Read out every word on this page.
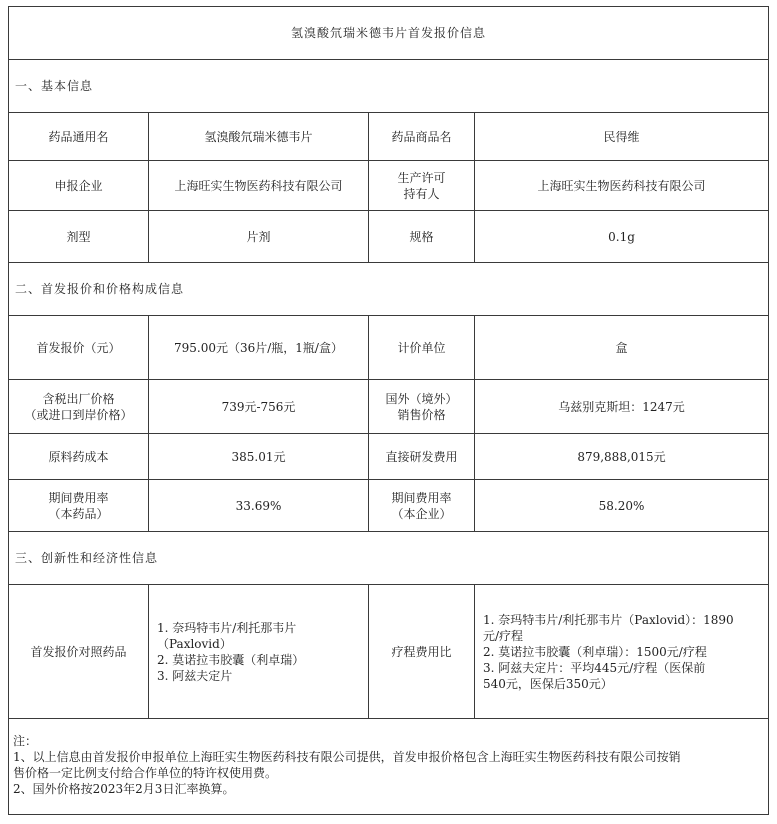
氢溴酸氘瑞米德韦片首发报价信息			
一、基本信息			
药品通用名	氢溴酸氘瑞米德韦片	药品商品名	民得维
申报企业	上海旺实生物医药科技有限公司	生产许可
持有人	上海旺实生物医药科技有限公司
剂型	片剂	规格	0.1g
二、首发报价和价格构成信息			
首发报价（元）	795.00元（36片/瓶，1瓶/盒）	计价单位	盒

含税出厂价格
（或进口到岸价格）	739元-756元	国外（境外）
销售价格	乌兹别克斯坦：1247元
原料药成本	385.01元	直接研发费用	879,888,015元

期间费用率
（本药品）	33.69%	期间费用率
（本企业）	58.20%
三、创新性和经济性信息			
首发报价对照药品	1. 奈玛特韦片/利托那韦片
（Paxlovid）
2. 莫诺拉韦胶囊（利卓瑞）
3. 阿兹夫定片	疗程费用比	1. 奈玛特韦片/利托那韦片（Paxlovid）：1890
元/疗程
2. 莫诺拉韦胶囊（利卓瑞）：1500元/疗程
3. 阿兹夫定片：平均445元/疗程（医保前
540元，医保后350元）

注：
1、以上信息由首发报价申报单位上海旺实生物医药科技有限公司提供，首发申报价格包含上海旺实生物医药科技有限公司按销
售价格一定比例支付给合作单位的特许权使用费。
2、国外价格按2023年2月3日汇率换算。			
